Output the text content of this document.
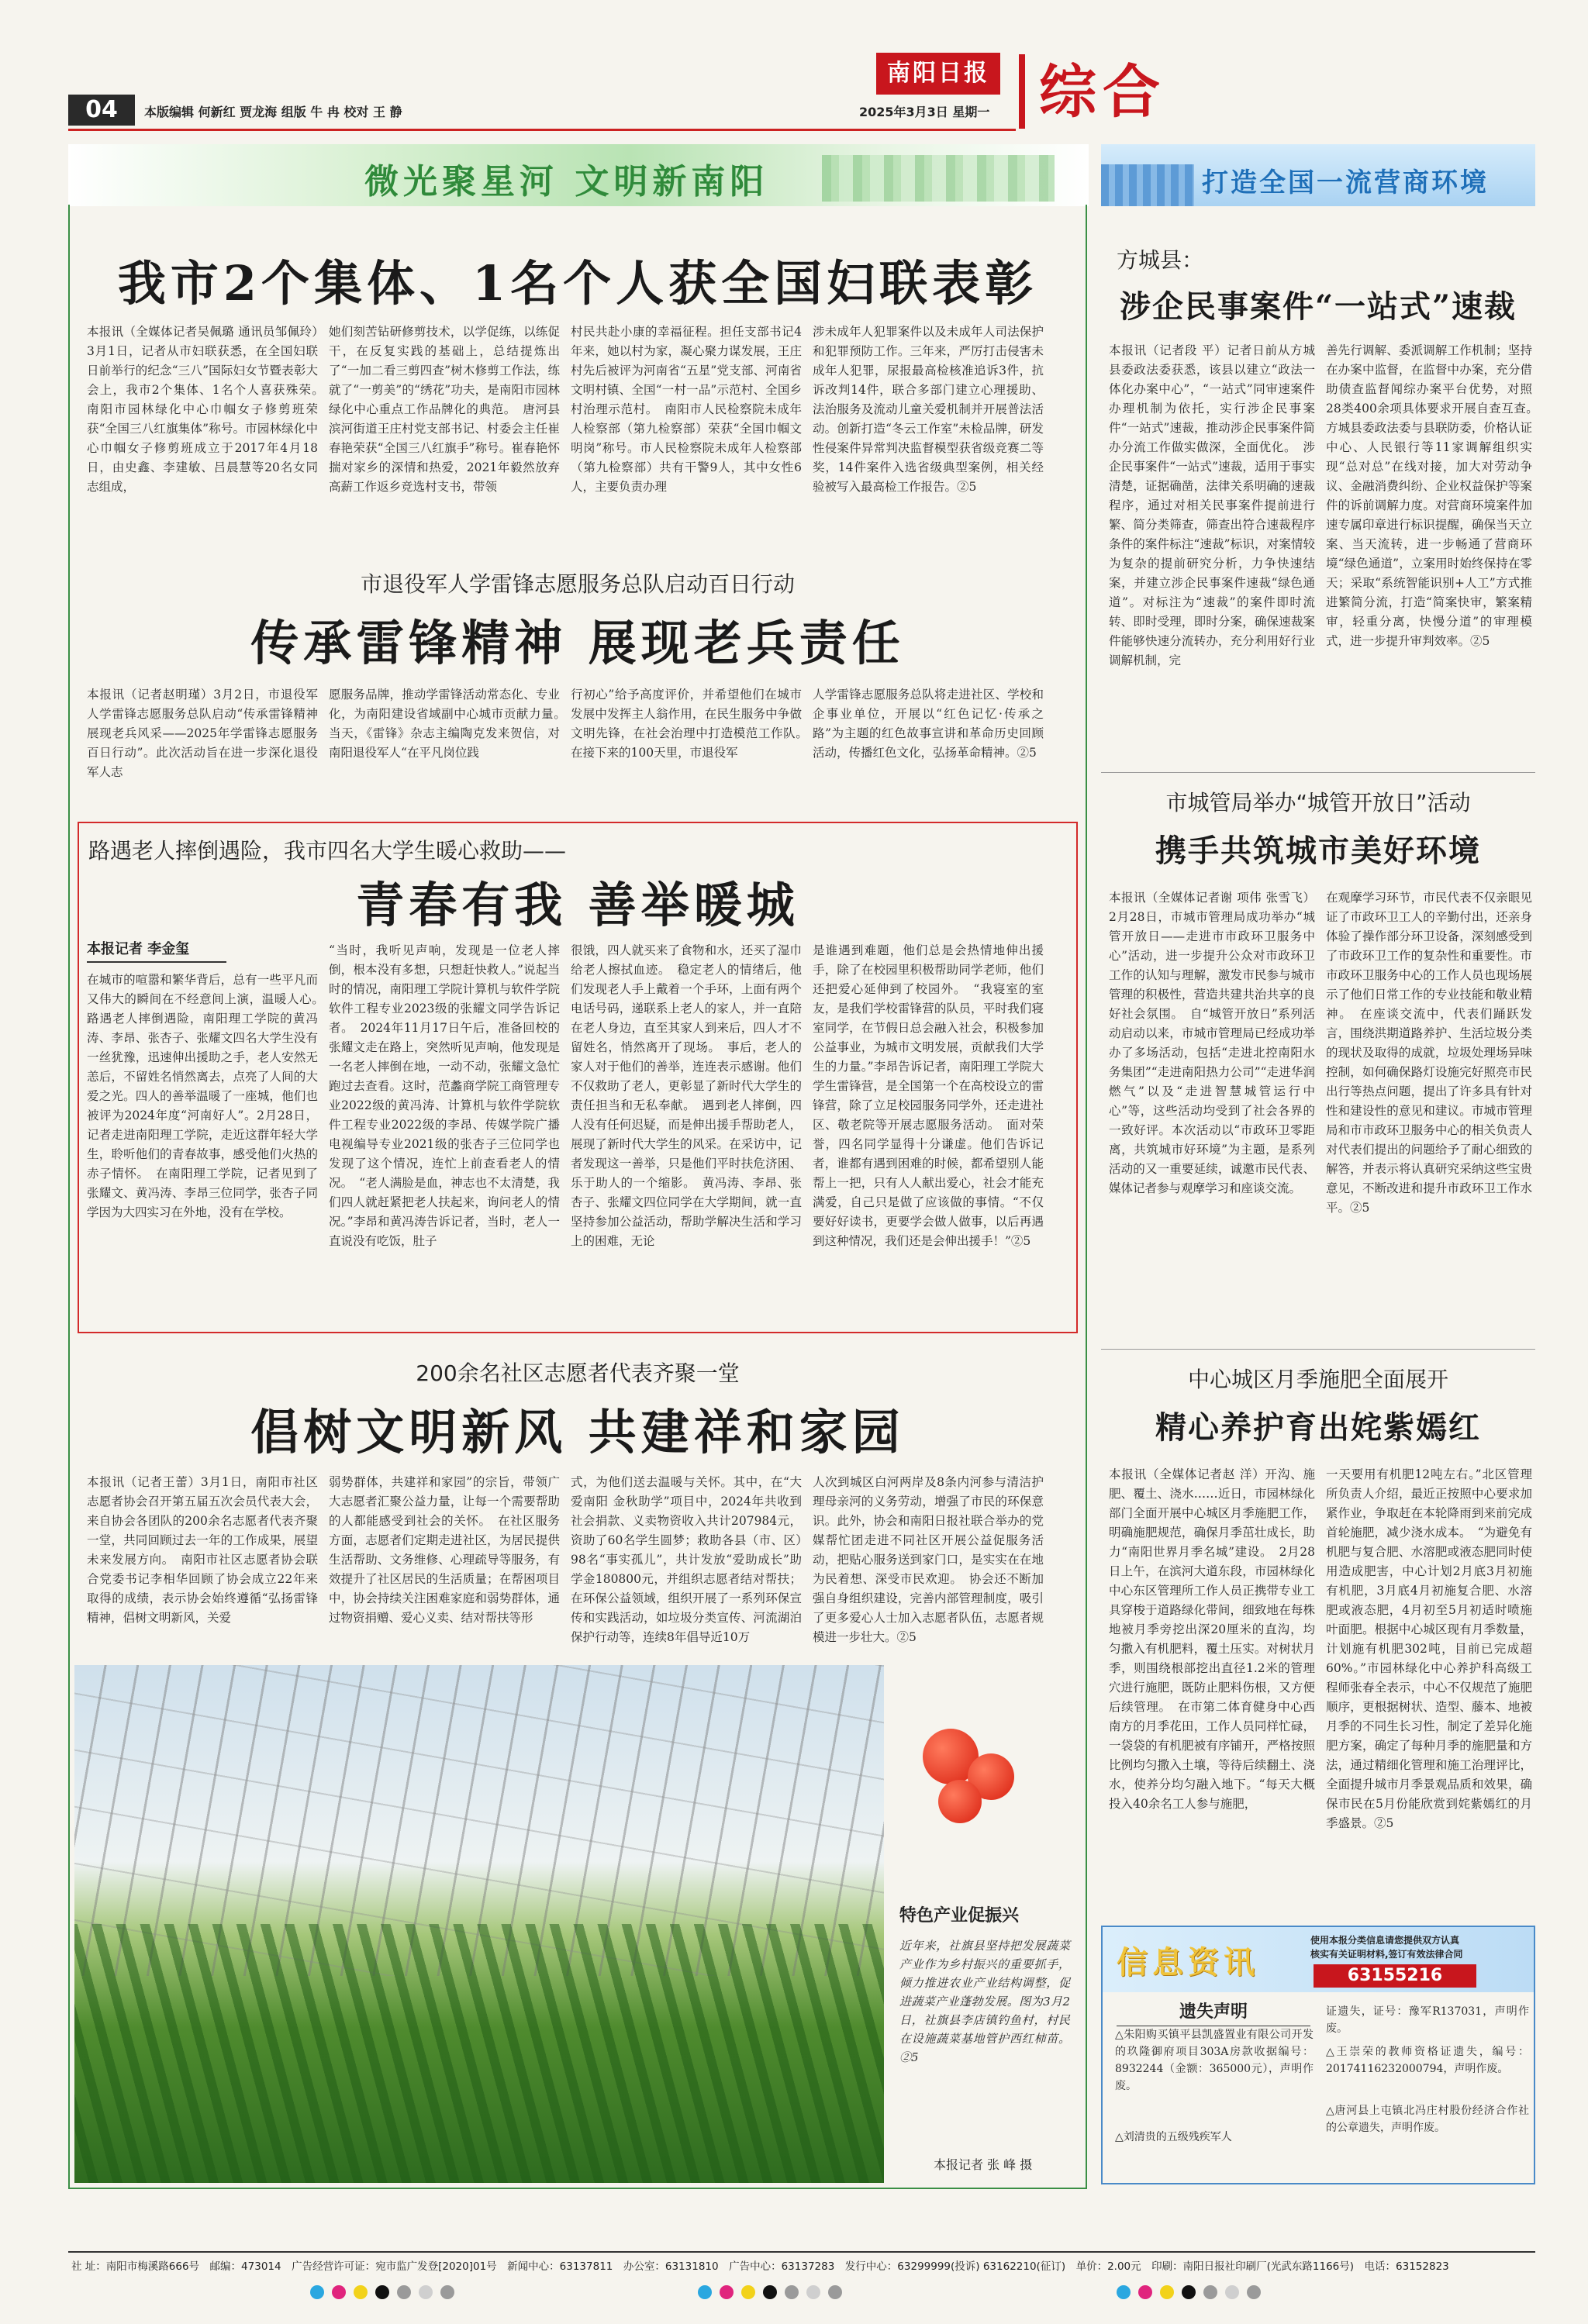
04	本版编辑 何新红 贾龙海 组版 牛 冉 校对 王 静	2025年3月3日 星期一
南阳日报 综合
微光聚星河 文明新南阳	打造全国一流营商环境
我市2个集体、1名个人获全国妇联表彰
本报讯（全媒体记者吴佩璐 通讯员邹佩玲）3月1日，记者从市妇联获悉，在全国妇联日前举行的纪念“三八”国际妇女节暨表彰大会上，我市2个集体、1名个人喜获殊荣。　南阳市园林绿化中心巾帼女子修剪班荣获“全国三八红旗集体”称号。市园林绿化中心巾帼女子修剪班成立于2017年4月18日，由史鑫、李建敏、吕晨慧等20名女同志组成，
她们刻苦钻研修剪技术，以学促练，以练促干，在反复实践的基础上，总结提炼出了“一加二看三剪四查”树木修剪工作法，练就了“一剪美”的“绣花”功夫，是南阳市园林绿化中心重点工作品牌化的典范。　唐河县滨河街道王庄村党支部书记、村委会主任崔春艳荣获“全国三八红旗手”称号。崔春艳怀揣对家乡的深情和热爱，2021年毅然放弃高薪工作返乡竞选村支书，带领
村民共赴小康的幸福征程。担任支部书记4年来，她以村为家，凝心聚力谋发展，王庄村先后被评为河南省“五星”党支部、河南省文明村镇、全国“一村一品”示范村、全国乡村治理示范村。　南阳市人民检察院未成年人检察部（第九检察部）荣获“全国巾帼文明岗”称号。市人民检察院未成年人检察部（第九检察部）共有干警9人，其中女性6人，主要负责办理
涉未成年人犯罪案件以及未成年人司法保护和犯罪预防工作。三年来，严厉打击侵害未成年人犯罪，尿报最高检核准追诉3件，抗诉改判14件，联合多部门建立心理援助、法治服务及流动儿童关爱机制并开展普法活动。创新打造“冬云工作室”未检品牌，研发性侵案件异常判决监督模型获省级竞赛二等奖，14件案件入选省级典型案例，相关经验被写入最高检工作报告。②5
市退役军人学雷锋志愿服务总队启动百日行动
传承雷锋精神 展现老兵责任
本报讯（记者赵明瑾）3月2日，市退役军人学雷锋志愿服务总队启动“传承雷锋精神 展现老兵风采——2025年学雷锋志愿服务百日行动”。此次活动旨在进一步深化退役军人志
愿服务品牌，推动学雷锋活动常态化、专业化，为南阳建设省域副中心城市贡献力量。　当天，《雷锋》杂志主编陶克发来贺信，对南阳退役军人“在平凡岗位践
行初心”给予高度评价，并希望他们在城市发展中发挥主人翁作用，在民生服务中争做文明先锋，在社会治理中打造模范工作队。　在接下来的100天里，市退役军
人学雷锋志愿服务总队将走进社区、学校和企事业单位，开展以“红色记忆·传承之路”为主题的红色故事宣讲和革命历史回顾活动，传播红色文化，弘扬革命精神。②5
路遇老人摔倒遇险，我市四名大学生暖心救助——
青春有我 善举暖城
本报记者 李金玺
在城市的喧嚣和繁华背后，总有一些平凡而又伟大的瞬间在不经意间上演，温暖人心。　路遇老人摔倒遇险，南阳理工学院的黄冯涛、李昂、张杏子、张耀文四名大学生没有一丝犹豫，迅速伸出援助之手，老人安然无恙后，不留姓名悄然离去，点亮了人间的大爱之光。四人的善举温暖了一座城，他们也被评为2024年度“河南好人”。2月28日，记者走进南阳理工学院，走近这群年轻大学生，聆听他们的青春故事，感受他们火热的赤子情怀。　在南阳理工学院，记者见到了张耀文、黄冯涛、李昂三位同学，张杏子同学因为大四实习在外地，没有在学校。
“当时，我听见声响，发现是一位老人摔倒，根本没有多想，只想赶快救人。”说起当时的情况，南阳理工学院计算机与软件学院软件工程专业2023级的张耀文同学告诉记者。　2024年11月17日午后，准备回校的张耀文走在路上，突然听见声响，他发现是一名老人摔倒在地，一动不动，张耀文急忙跑过去查看。这时，范蠡商学院工商管理专业2022级的黄冯涛、计算机与软件学院软件工程专业2022级的李昂、传媒学院广播电视编导专业2021级的张杏子三位同学也发现了这个情况，连忙上前查看老人的情况。　“老人满脸是血，神志也不太清楚，我们四人就赶紧把老人扶起来，询问老人的情况。”李昂和黄冯涛告诉记者，当时，老人一直说没有吃饭，肚子
很饿，四人就买来了食物和水，还买了湿巾给老人擦拭血迹。　稳定老人的情绪后，他们发现老人手上戴着一个手环，上面有两个电话号码，递联系上老人的家人，并一直陪在老人身边，直至其家人到来后，四人才不留姓名，悄然离开了现场。　事后，老人的家人对于他们的善举，连连表示感谢。他们不仅救助了老人，更彰显了新时代大学生的责任担当和无私奉献。　遇到老人摔倒，四人没有任何迟疑，而是伸出援手帮助老人，展现了新时代大学生的风采。在采访中，记者发现这一善举，只是他们平时扶危济困、乐于助人的一个缩影。　黄冯涛、李昂、张杏子、张耀文四位同学在大学期间，就一直坚持参加公益活动，帮助学解决生活和学习上的困难，无论
是谁遇到难题，他们总是会热情地伸出援手，除了在校园里积极帮助同学老师，他们还把爱心延伸到了校园外。　“我寝室的室友，是我们学校雷锋营的队员，平时我们寝室同学，在节假日总会融入社会，积极参加公益事业，为城市文明发展，贡献我们大学生的力量。”李昂告诉记者，南阳理工学院大学生雷锋营，是全国第一个在高校设立的雷锋营，除了立足校园服务同学外，还走进社区、敬老院等开展志愿服务活动。　面对荣誉，四名同学显得十分谦虚。他们告诉记者，谁都有遇到困难的时候，都希望别人能帮上一把，只有人人献出爱心，社会才能充满爱，自己只是做了应该做的事情。“不仅要好好读书，更要学会做人做事，以后再遇到这种情况，我们还是会伸出援手！”②5
200余名社区志愿者代表齐聚一堂
倡树文明新风 共建祥和家园
本报讯（记者王蕾）3月1日，南阳市社区志愿者协会召开第五届五次会员代表大会，来自协会各团队的200余名志愿者代表齐聚一堂，共同回顾过去一年的工作成果，展望未来发展方向。　南阳市社区志愿者协会联合党委书记李相华回顾了协会成立22年来取得的成绩，表示协会始终遵循“弘扬雷锋精神，倡树文明新风，关爱
弱势群体，共建祥和家园”的宗旨，带领广大志愿者汇聚公益力量，让每一个需要帮助的人都能感受到社会的关怀。　在社区服务方面，志愿者们定期走进社区，为居民提供生活帮助、文务维修、心理疏导等服务，有效提升了社区居民的生活质量；在帮困项目中，协会持续关注困难家庭和弱势群体，通过物资捐赠、爱心义卖、结对帮扶等形
式，为他们送去温暖与关怀。其中，在“大爱南阳 金秋助学”项目中，2024年共收到社会捐款、义卖物资收入共计207984元，资助了60名学生圆梦；救助各县（市、区）98名“事实孤儿”，共计发放“爱助成长”助学金180800元，并组织志愿者结对帮扶；在环保公益领域，组织开展了一系列环保宣传和实践活动，如垃圾分类宣传、河流湖泊保护行动等，连续8年倡导近10万
人次到城区白河两岸及8条内河参与清洁护理母亲河的义务劳动，增强了市民的环保意识。此外，协会和南阳日报社联合举办的党媒帮忙团走进不同社区开展公益促服务活动，把贴心服务送到家门口，是实实在在地为民着想、深受市民欢迎。　协会还不断加强自身组织建设，完善内部管理制度，吸引了更多爱心人士加入志愿者队伍，志愿者规模进一步壮大。②5
特色产业促振兴
近年来，社旗县坚持把发展蔬菜产业作为乡村振兴的重要抓手，倾力推进农业产业结构调整，促进蔬菜产业蓬勃发展。图为3月2日，社旗县李店镇钓鱼村，村民在设施蔬菜基地管护西红柿苗。②5
本报记者 张 峰 摄
方城县：
涉企民事案件“一站式”速裁
本报讯（记者段 平）记者日前从方城县委政法委获悉，该县以建立“政法一体化办案中心”，“一站式”同审速案件办理机制为依托，实行涉企民事案件“一站式”速裁，推动涉企民事案件简办分流工作做实做深，全面优化。　涉企民事案件“一站式”速裁，适用于事实清楚，证据确凿，法律关系明确的速裁程序，通过对相关民事案件提前进行繁、简分类筛查，筛查出符合速裁程序条件的案件标注“速裁”标识，对案情较为复杂的提前研究分析，力争快速结案，并建立涉企民事案件速裁“绿色通道”。对标注为“速裁”的案件即时流转、即时受理，即时分案，确保速裁案件能够快速分流转办，充分利用好行业调解机制，完
善先行调解、委派调解工作机制；坚持在办案中监督，在监督中办案，充分借助债查监督闻综办案平台优势，对照28类400余项具体要求开展自查互查。　方城县委政法委与县联防委，价格认证中心、人民银行等11家调解组织实现“总对总”在线对接，加大对劳动争议、金融消费纠纷、企业权益保护等案件的诉前调解力度。对营商环境案件加速专属印章进行标识提醒，确保当天立案、当天流转，进一步畅通了营商环境“绿色通道”，立案用时始终保持在零天；采取“系统智能识别+人工”方式推进繁简分流，打造“简案快审，繁案精审，轻重分离，快慢分道”的审理模式，进一步提升审判效率。②5
市城管局举办“城管开放日”活动
携手共筑城市美好环境
本报讯（全媒体记者谢 项伟 张雪飞）2月28日，市城市管理局成功举办“城管开放日——走进市市政环卫服务中心”活动，进一步提升公众对市政环卫工作的认知与理解，激发市民参与城市管理的积极性，营造共建共治共享的良好社会氛围。　自“城管开放日”系列活动启动以来，市城市管理局已经成功举办了多场活动，包括“走进北控南阳水务集团”“走进南阳热力公司”“走进华润燃气”以及“走进智慧城管运行中心”等，这些活动均受到了社会各界的一致好评。本次活动以“市政环卫零距离，共筑城市好环境”为主题，是系列活动的又一重要延续，诚邀市民代表、媒体记者参与观摩学习和座谈交流。
在观摩学习环节，市民代表不仅亲眼见证了市政环卫工人的辛勤付出，还亲身体验了操作部分环卫设备，深刻感受到了市政环卫工作的复杂性和重要性。市市政环卫服务中心的工作人员也现场展示了他们日常工作的专业技能和敬业精神。　在座谈交流中，代表们踊跃发言，围绕洪期道路养护、生活垃圾分类的现状及取得的成就，垃圾处理场异味控制，如何确保路灯设施完好照亮市民出行等热点问题，提出了许多具有针对性和建设性的意见和建议。市城市管理局和市市政环卫服务中心的相关负责人对代表们提出的问题给予了耐心细致的解答，并表示将认真研究采纳这些宝贵意见，不断改进和提升市政环卫工作水平。②5
中心城区月季施肥全面展开
精心养护育出姹紫嫣红
本报讯（全媒体记者赵 洋）开沟、施肥、覆土、浇水……近日，市园林绿化部门全面开展中心城区月季施肥工作，明确施肥规范，确保月季茁壮成长，助力“南阳世界月季名城”建设。　2月28日上午，在滨河大道东段，市园林绿化中心东区管理所工作人员正携带专业工具穿梭于道路绿化带间，细致地在每株地被月季旁挖出深20厘米的直沟，均匀撒入有机肥料，覆土压实。对树状月季，则围绕根部挖出直径1.2米的管理穴进行施肥，既防止肥料伤根，又方便后续管理。　在市第二体育健身中心西南方的月季花田，工作人员同样忙碌，一袋袋的有机肥被有序铺开，严格按照比例均匀撒入土壤，等待后续翻土、浇水，使养分均匀融入地下。“每天大概投入40余名工人参与施肥，
一天要用有机肥12吨左右。”北区管理所负责人介绍，最近正按照中心要求加紧作业，争取赶在本轮降雨到来前完成首轮施肥，减少浇水成本。　“为避免有机肥与复合肥、水溶肥或液态肥同时使用造成肥害，中心计划2月底3月初施有机肥，3月底4月初施复合肥、水溶肥或液态肥，4月初至5月初适时喷施叶面肥。根据中心城区现有月季数量，计划施有机肥302吨，目前已完成超60%。”市园林绿化中心养护科高级工程师张春全表示，中心不仅规范了施肥顺序，更根据树状、造型、藤本、地被月季的不同生长习性，制定了差异化施肥方案，确定了每种月季的施肥量和方法，通过精细化管理和施工治理评比，全面提升城市月季景观品质和效果，确保市民在5月份能欣赏到姹紫嫣红的月季盛景。②5
信息资讯
使用本报分类信息请您提供双方认真
核实有关证明材料,签订有效法律合同
63155216
遗失声明
△朱阳购买镇平县凯盛置业有限公司开发的玖隆御府项目303A房款收据编号：8932244（金额：365000元），声明作废。
△刘清贵的五级残疾军人
证遗失，证号：豫军R137031，声明作废。
△王崇荣的教师资格证遗失，编号：20174116232000794，声明作废。
△唐河县上屯镇北冯庄村股份经济合作社的公章遗失，声明作废。
社 址：南阳市梅溪路666号　邮编：473014　广告经营许可证：宛市监广发登[2020]01号　新闻中心：63137811　办公室：63131810　广告中心：63137283　发行中心：63299999(投诉) 63162210(征订)　单价：2.00元　印刷：南阳日报社印刷厂(光武东路1166号)　电话：63152823
